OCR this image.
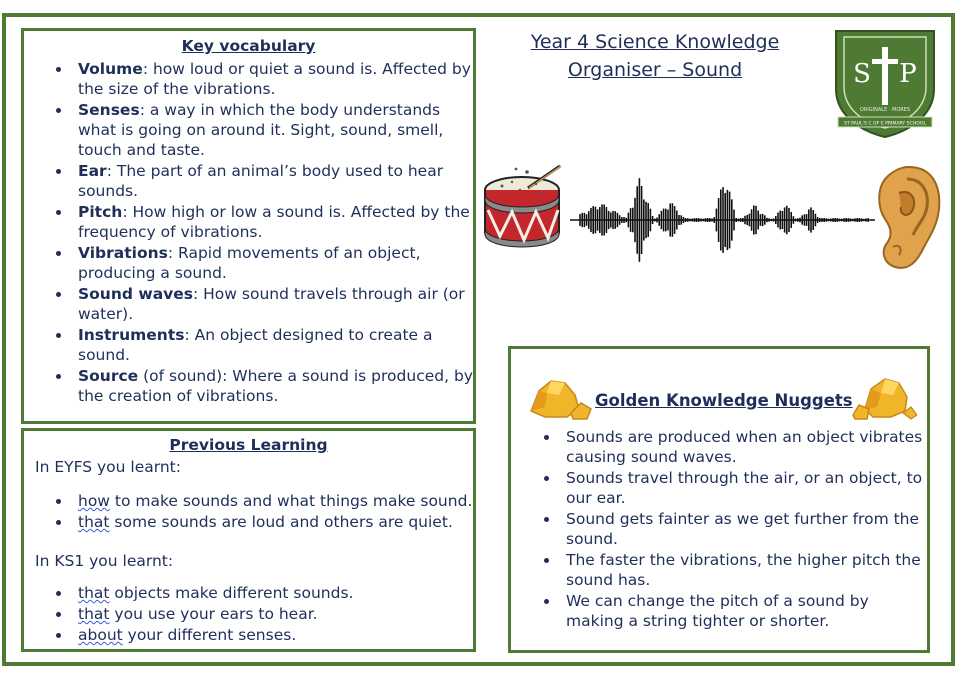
Key vocabulary
Volume: how loud or quiet a sound is. Affected by the size of the vibrations.
Senses: a way in which the body understands what is going on around it. Sight, sound, smell, touch and taste.
Ear: The part of an animal’s body used to hear sounds.
Pitch: How high or low a sound is. Affected by the frequency of vibrations.
Vibrations: Rapid movements of an object, producing a sound.
Sound waves: How sound travels through air (or water).
Instruments: An object designed to create a sound.
Source (of sound): Where a sound is produced, by the creation of vibrations.
Previous Learning
In EYFS you learnt:
how to make sounds and what things make sound.
that some sounds are loud and others are quiet.
In KS1 you learnt:
that objects make different sounds.
that you use your ears to hear.
about your different senses.
Year 4 Science Knowledge
Organiser – Sound	S P
ORIGINALE · MORES
ST PAUL'S C OF E PRIMARY SCHOOL
Golden Knowledge Nuggets
Sounds are produced when an object vibrates causing sound waves.
Sounds travel through the air, or an object, to our ear.
Sound gets fainter as we get further from the sound.
The faster the vibrations, the higher pitch the sound has.
We can change the pitch of a sound by making a string tighter or shorter.
